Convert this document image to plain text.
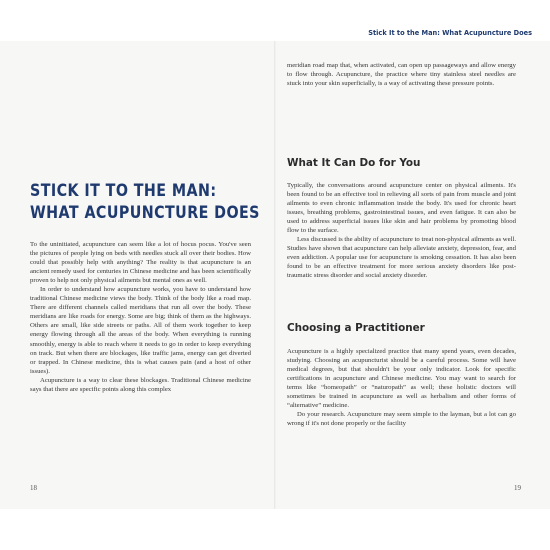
STICK IT TO THE MAN:
WHAT ACUPUNCTURE DOES

To the uninitiated, acupuncture can seem like a lot of hocus pocus. You've seen the pictures of people lying on beds with needles stuck all over their bodies. How could that possibly help with anything? The reality is that acupuncture is an ancient remedy used for centuries in Chinese medicine and has been scientifically proven to help not only physical ailments but mental ones as well.

In order to understand how acupuncture works, you have to understand how traditional Chinese medicine views the body. Think of the body like a road map. There are different channels called meridians that run all over the body. These meridians are like roads for energy. Some are big; think of them as the highways. Others are small, like side streets or paths. All of them work together to keep energy flowing through all the areas of the body. When everything is running smoothly, energy is able to reach where it needs to go in order to keep everything on track. But when there are blockages, like traffic jams, energy can get diverted or trapped. In Chinese medicine, this is what causes pain (and a host of other issues).

Acupuncture is a way to clear these blockages. Traditional Chinese medicine says that there are specific points along this complex

18
Stick It to the Man: What Acupuncture Does

meridian road map that, when activated, can open up passageways and allow energy to flow through. Acupuncture, the practice where tiny stainless steel needles are stuck into your skin superficially, is a way of activating these pressure points.

What It Can Do for You

Typically, the conversations around acupuncture center on physical ailments. It's been found to be an effective tool in relieving all sorts of pain from muscle and joint ailments to even chronic inflammation inside the body. It's used for chronic heart issues, breathing problems, gastrointestinal issues, and even fatigue. It can also be used to address superficial issues like skin and hair problems by promoting blood flow to the surface.

Less discussed is the ability of acupuncture to treat non-physical ailments as well. Studies have shown that acupuncture can help alleviate anxiety, depression, fear, and even addiction. A popular use for acupuncture is smoking cessation. It has also been found to be an effective treatment for more serious anxiety disorders like post-traumatic stress disorder and social anxiety disorder.

Choosing a Practitioner

Acupuncture is a highly specialized practice that many spend years, even decades, studying. Choosing an acupuncturist should be a careful process. Some will have medical degrees, but that shouldn't be your only indicator. Look for specific certifications in acupuncture and Chinese medicine. You may want to search for terms like “homeopath” or “naturopath” as well; these holistic doctors will sometimes be trained in acupuncture as well as herbalism and other forms of “alternative” medicine.

Do your research. Acupuncture may seem simple to the layman, but a lot can go wrong if it's not done properly or the facility

19
